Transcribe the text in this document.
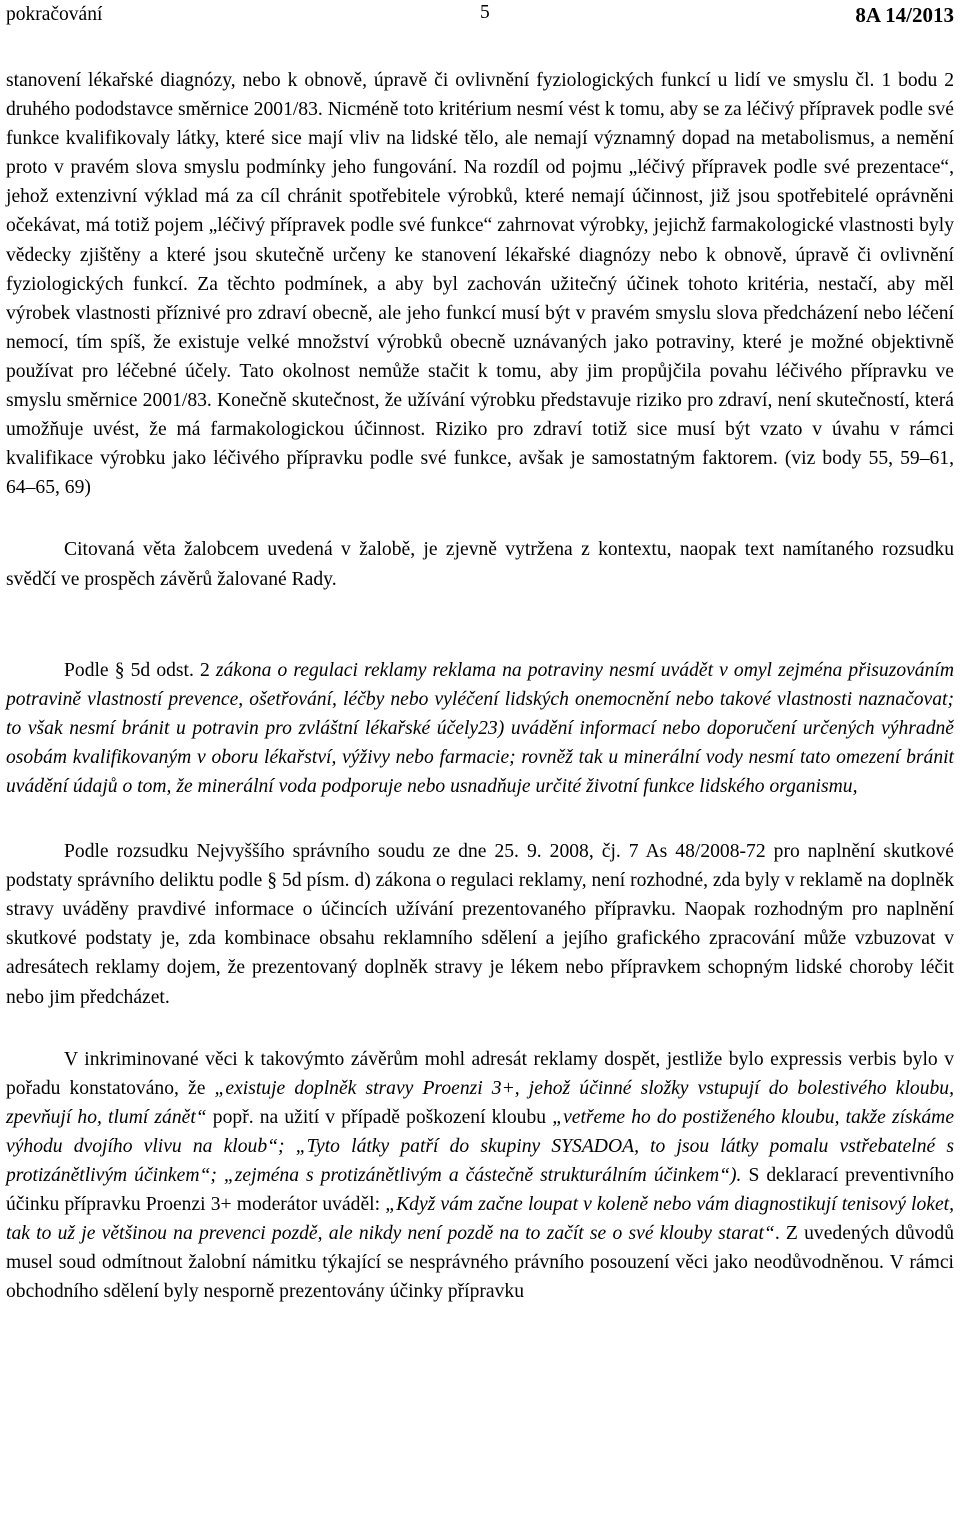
pokračování	5	8A 14/2013

stanovení lékařské diagnózy, nebo k obnově, úpravě či ovlivnění fyziologických funkcí u lidí ve smyslu čl. 1 bodu 2 druhého pododstavce směrnice 2001/83. Nicméně toto kritérium nesmí vést k tomu, aby se za léčivý přípravek podle své funkce kvalifikovaly látky, které sice mají vliv na lidské tělo, ale nemají významný dopad na metabolismus, a nemění proto v pravém slova smyslu podmínky jeho fungování. Na rozdíl od pojmu „léčivý přípravek podle své prezentace“, jehož extenzivní výklad má za cíl chránit spotřebitele výrobků, které nemají účinnost, již jsou spotřebitelé oprávněni očekávat, má totiž pojem „léčivý přípravek podle své funkce“ zahrnovat výrobky, jejichž farmakologické vlastnosti byly vědecky zjištěny a které jsou skutečně určeny ke stanovení lékařské diagnózy nebo k obnově, úpravě či ovlivnění fyziologických funkcí. Za těchto podmínek, a aby byl zachován užitečný účinek tohoto kritéria, nestačí, aby měl výrobek vlastnosti příznivé pro zdraví obecně, ale jeho funkcí musí být v pravém smyslu slova předcházení nebo léčení nemocí, tím spíš, že existuje velké množství výrobků obecně uznávaných jako potraviny, které je možné objektivně používat pro léčebné účely. Tato okolnost nemůže stačit k tomu, aby jim propůjčila povahu léčivého přípravku ve smyslu směrnice 2001/83. Konečně skutečnost, že užívání výrobku představuje riziko pro zdraví, není skutečností, která umožňuje uvést, že má farmakologickou účinnost. Riziko pro zdraví totiž sice musí být vzato v úvahu v rámci kvalifikace výrobku jako léčivého přípravku podle své funkce, avšak je samostatným faktorem. (viz body 55, 59–61, 64–65, 69)

Citovaná věta žalobcem uvedená v žalobě, je zjevně vytržena z kontextu, naopak text namítaného rozsudku svědčí ve prospěch závěrů žalované Rady.

Podle § 5d odst. 2 zákona o regulaci reklamy reklama na potraviny nesmí uvádět v omyl zejména přisuzováním potravině vlastností prevence, ošetřování, léčby nebo vyléčení lidských onemocnění nebo takové vlastnosti naznačovat; to však nesmí bránit u potravin pro zvláštní lékařské účely23) uvádění informací nebo doporučení určených výhradně osobám kvalifikovaným v oboru lékařství, výživy nebo farmacie; rovněž tak u minerální vody nesmí tato omezení bránit uvádění údajů o tom, že minerální voda podporuje nebo usnadňuje určité životní funkce lidského organismu,

Podle rozsudku Nejvyššího správního soudu ze dne 25. 9. 2008, čj. 7 As 48/2008-72 pro naplnění skutkové podstaty správního deliktu podle § 5d písm. d) zákona o regulaci reklamy, není rozhodné, zda byly v reklamě na doplněk stravy uváděny pravdivé informace o účincích užívání prezentovaného přípravku. Naopak rozhodným pro naplnění skutkové podstaty je, zda kombinace obsahu reklamního sdělení a jejího grafického zpracování může vzbuzovat v adresátech reklamy dojem, že prezentovaný doplněk stravy je lékem nebo přípravkem schopným lidské choroby léčit nebo jim předcházet.

V inkriminované věci k takovýmto závěrům mohl adresát reklamy dospět, jestliže bylo expressis verbis bylo v pořadu konstatováno, že „existuje doplněk stravy Proenzi 3+, jehož účinné složky vstupují do bolestivého kloubu, zpevňují ho, tlumí zánět“ popř. na užití v případě poškození kloubu „vetřeme ho do postiženého kloubu, takže získáme výhodu dvojího vlivu na kloub“; „Tyto látky patří do skupiny SYSADOA, to jsou látky pomalu vstřebatelné s protizánětlivým účinkem“; „zejména s protizánětlivým a částečně strukturálním účinkem“). S deklarací preventivního účinku přípravku Proenzi 3+ moderátor uváděl: „Když vám začne loupat v koleně nebo vám diagnostikují tenisový loket, tak to už je většinou na prevenci pozdě, ale nikdy není pozdě na to začít se o své klouby starat“. Z uvedených důvodů musel soud odmítnout žalobní námitku týkající se nesprávného právního posouzení věci jako neodůvodněnou. V rámci obchodního sdělení byly nesporně prezentovány účinky přípravku
